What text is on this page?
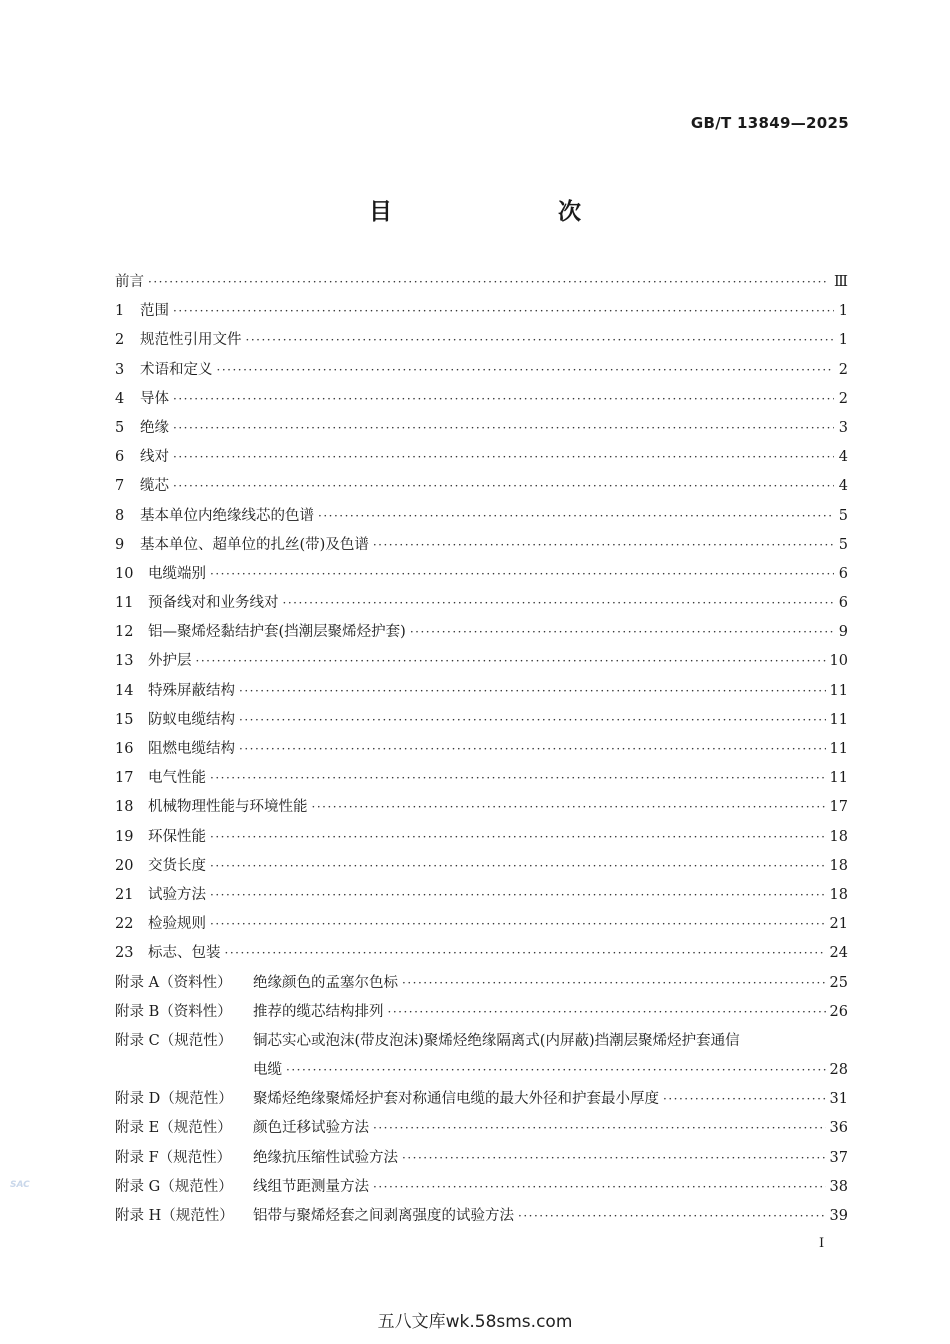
GB/T 13849—2025
目　　次
前言 ·····	Ⅲ
1	范围 ·····	1
2	规范性引用文件 ·····	1
3	术语和定义 ·····	2
4	导体 ·····	2
5	绝缘 ·····	3
6	线对 ·····	4
7	缆芯 ·····	4
8	基本单位内绝缘线芯的色谱 ·····	5
9	基本单位、超单位的扎丝(带)及色谱 ·····	5
10	电缆端别 ·····	6
11	预备线对和业务线对 ·····	6
12	铝—聚烯烃黏结护套(挡潮层聚烯烃护套) ·····	9
13	外护层 ·····	10
14	特殊屏蔽结构 ·····	11
15	防蚁电缆结构 ·····	11
16	阻燃电缆结构 ·····	11
17	电气性能 ·····	11
18	机械物理性能与环境性能 ·····	17
19	环保性能 ·····	18
20	交货长度 ·····	18
21	试验方法 ·····	18
22	检验规则 ·····	21
23	标志、包装 ·····	24
附录 A（资料性）	绝缘颜色的孟塞尔色标 ·····	25
附录 B（资料性）	推荐的缆芯结构排列 ·····	26
附录 C（规范性）	铜芯实心或泡沫(带皮泡沫)聚烯烃绝缘隔离式(内屏蔽)挡潮层聚烯烃护套通信
电缆 ·····	28
附录 D（规范性）	聚烯烃绝缘聚烯烃护套对称通信电缆的最大外径和护套最小厚度 ·····	31
附录 E（规范性）	颜色迁移试验方法 ·····	36
附录 F（规范性）	绝缘抗压缩性试验方法 ·····	37
附录 G（规范性）	线组节距测量方法 ·····	38
附录 H（规范性）	铝带与聚烯烃套之间剥离强度的试验方法 ·····	39
Ⅰ
SAC
五八文库wk.58sms.com
